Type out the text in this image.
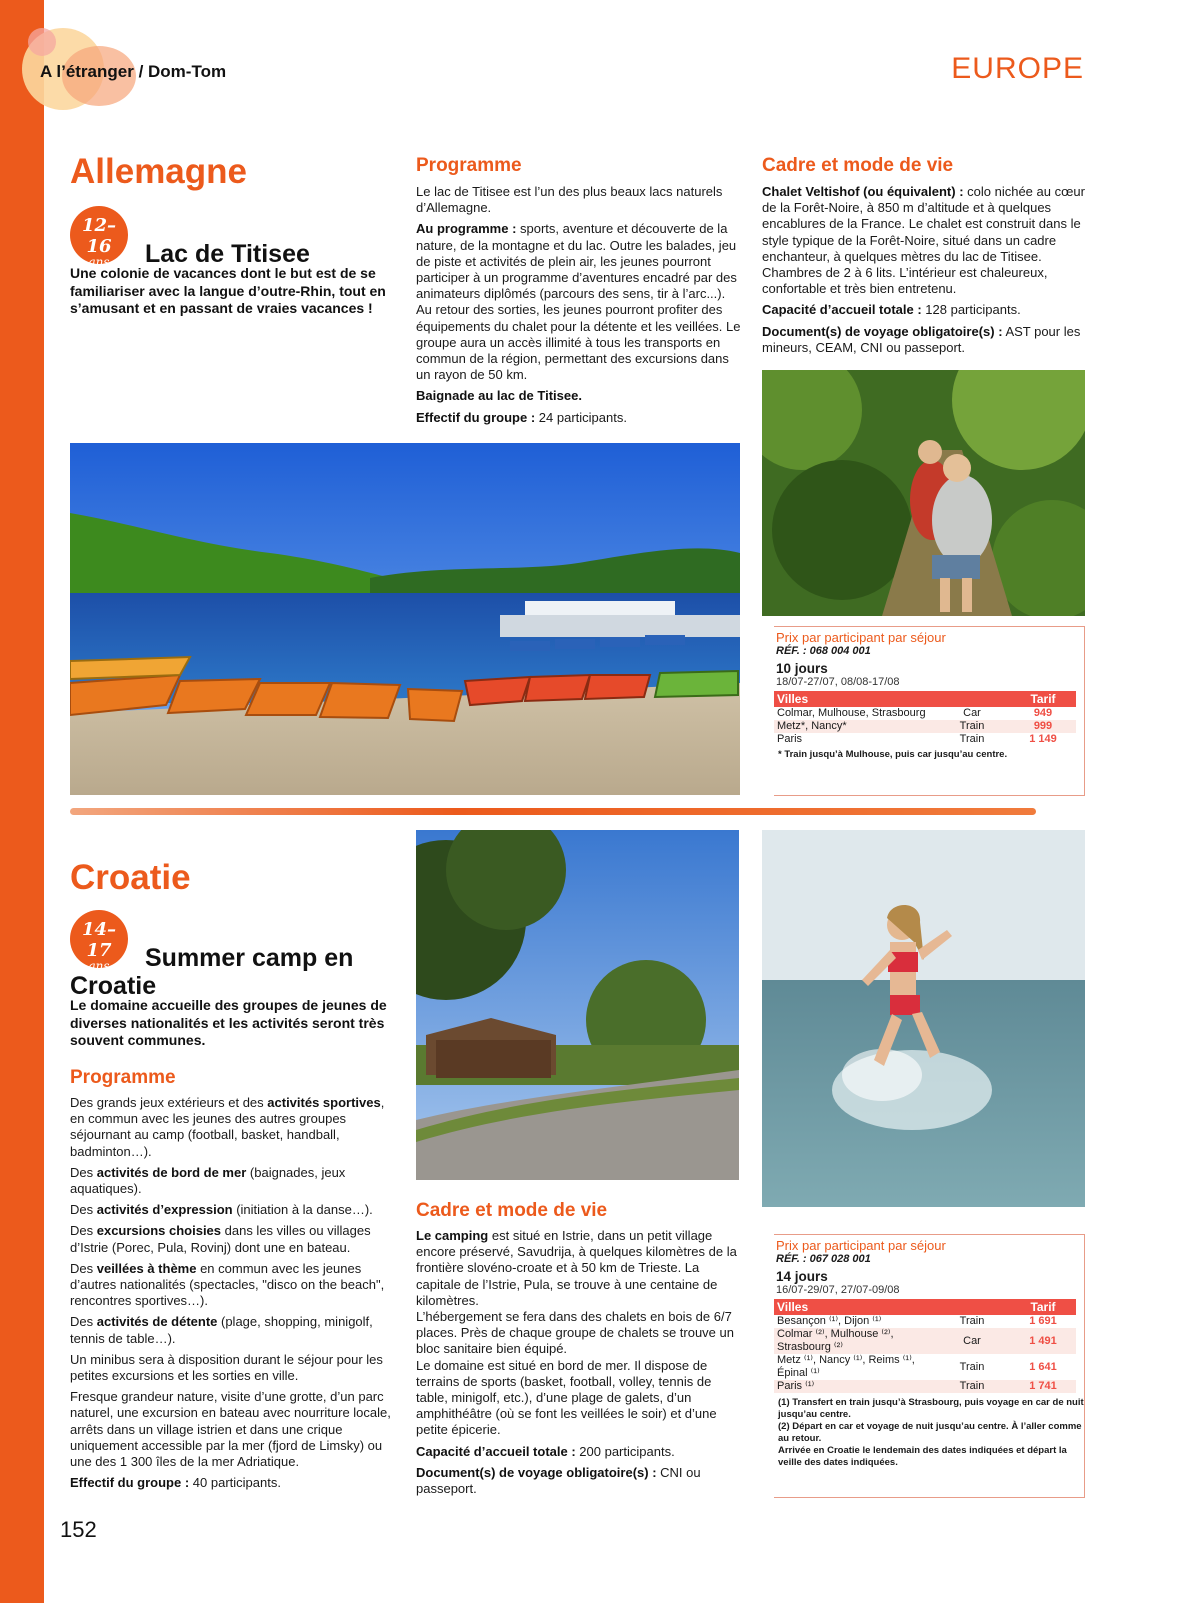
A l’étranger / Dom-Tom	EUROPE
Allemagne
12–16
ans	Lac de Titisee
Une colonie de vacances dont le but est de se familiariser avec la langue d’outre-Rhin, tout en s’amusant et en passant de vraies vacances !
Programme

Le lac de Titisee est l’un des plus beaux lacs naturels d’Allemagne.

Au programme : sports, aventure et découverte de la nature, de la montagne et du lac. Outre les balades, jeu de piste et activités de plein air, les jeunes pourront participer à un programme d’aventures encadré par des animateurs diplômés (parcours des sens, tir à l’arc...). Au retour des sorties, les jeunes pourront profiter des équipements du chalet pour la détente et les veillées. Le groupe aura un accès illimité à tous les transports en commun de la région, permettant des excursions dans un rayon de 50 km.

Baignade au lac de Titisee.

Effectif du groupe : 24 participants.

Cadre et mode de vie

Chalet Veltishof (ou équivalent) : colo nichée au cœur de la Forêt-Noire, à 850 m d’altitude et à quelques encablures de la France. Le chalet est construit dans le style typique de la Forêt-Noire, situé dans un cadre enchanteur, à quelques mètres du lac de Titisee. Chambres de 2 à 6 lits. L’intérieur est chaleureux, confortable et très bien entretenu.

Capacité d’accueil totale : 128 participants.

Document(s) de voyage obligatoire(s) : AST pour les mineurs, CEAM, CNI ou passeport.

Prix par participant par séjour
RÉF. : 068 004 001
10 jours
18/07-27/07, 08/08-17/08
Villes		Tarif
Colmar, Mulhouse, Strasbourg	Car	949
Metz*, Nancy*	Train	999
Paris	Train	1 149
* Train jusqu’à Mulhouse, puis car jusqu’au centre.
Croatie
14–17
ans	Summer camp en Croatie
Le domaine accueille des groupes de jeunes de diverses nationalités et les activités seront très souvent communes.
Programme

Des grands jeux extérieurs et des activités sportives, en commun avec les jeunes des autres groupes séjournant au camp (football, basket, handball, badminton…).

Des activités de bord de mer (baignades, jeux aquatiques).

Des activités d’expression (initiation à la danse…).

Des excursions choisies dans les villes ou villages d’Istrie (Porec, Pula, Rovinj) dont une en bateau.

Des veillées à thème en commun avec les jeunes d’autres nationalités (spectacles, "disco on the beach", rencontres sportives…).

Des activités de détente (plage, shopping, minigolf, tennis de table…).

Un minibus sera à disposition durant le séjour pour les petites excursions et les sorties en ville.

Fresque grandeur nature, visite d’une grotte, d’un parc naturel, une excursion en bateau avec nourriture locale, arrêts dans un village istrien et dans une crique uniquement accessible par la mer (fjord de Limsky) ou une des 1 300 îles de la mer Adriatique.

Effectif du groupe : 40 participants.

Cadre et mode de vie

Le camping est situé en Istrie, dans un petit village encore préservé, Savudrija, à quelques kilomètres de la frontière slovéno-croate et à 50 km de Trieste. La capitale de l’Istrie, Pula, se trouve à une centaine de kilomètres.

L’hébergement se fera dans des chalets en bois de 6/7 places. Près de chaque groupe de chalets se trouve un bloc sanitaire bien équipé.

Le domaine est situé en bord de mer. Il dispose de terrains de sports (basket, football, volley, tennis de table, minigolf, etc.), d’une plage de galets, d’un amphithéâtre (où se font les veillées le soir) et d’une petite épicerie.

Capacité d’accueil totale : 200 participants.

Document(s) de voyage obligatoire(s) : CNI ou passeport.

Prix par participant par séjour
RÉF. : 067 028 001
14 jours
16/07-29/07, 27/07-09/08
Villes		Tarif
Besançon ⁽¹⁾, Dijon ⁽¹⁾	Train	1 691
Colmar ⁽²⁾, Mulhouse ⁽²⁾, Strasbourg ⁽²⁾	Car	1 491
Metz ⁽¹⁾, Nancy ⁽¹⁾, Reims ⁽¹⁾, Épinal ⁽¹⁾	Train	1 641
Paris ⁽¹⁾	Train	1 741
(1) Transfert en train jusqu’à Strasbourg, puis voyage en car de nuit jusqu’au centre.
(2) Départ en car et voyage de nuit jusqu’au centre. À l’aller comme au retour.
Arrivée en Croatie le lendemain des dates indiquées et départ la veille des dates indiquées.
152
